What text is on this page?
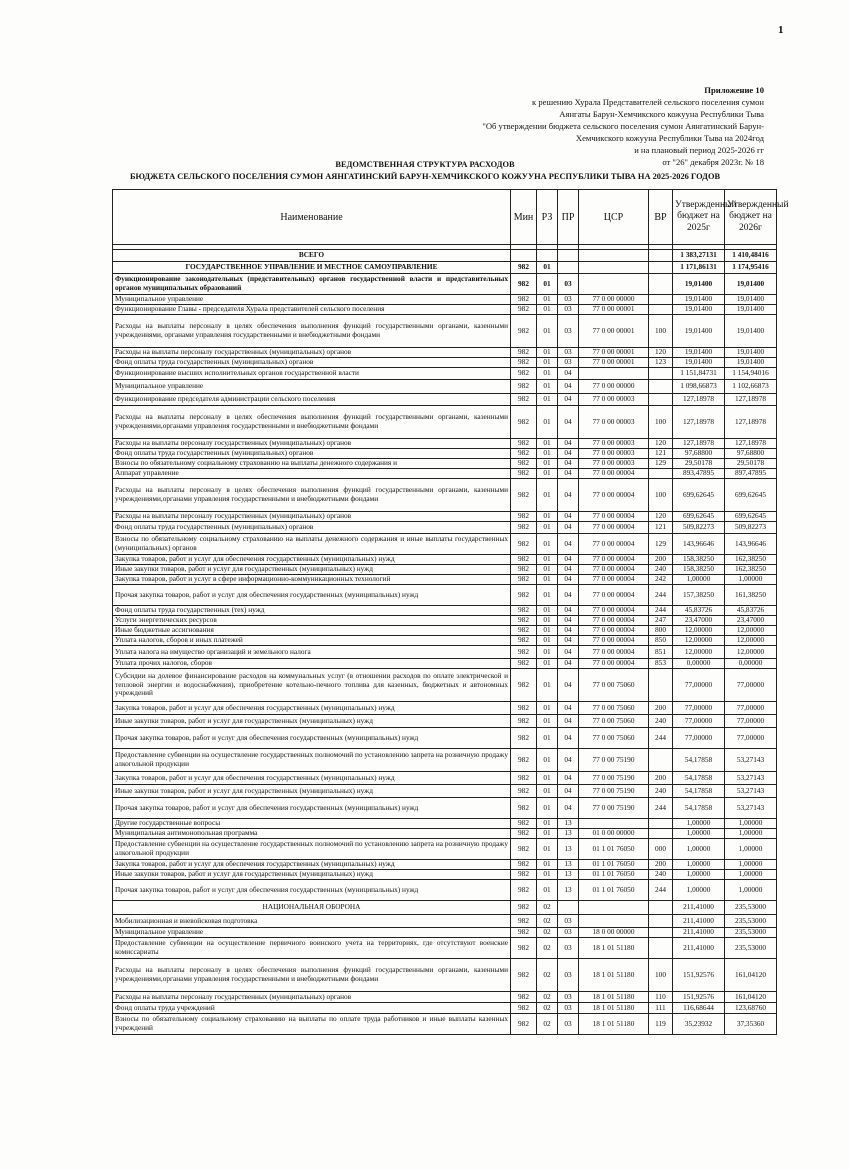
1
Приложение 10
к решению Хурала Представителей сельского поселения сумон
Аянгаты Барун-Хемчикского кожууна Республики Тыва
"Об утверждении бюджета сельского поселения сумон Аянгатинский Барун-
Хемчикского кожууна Республики Тыва на 2024год
и на плановый период 2025-2026 гг
от "26" декабря 2023г. № 18
ВЕДОМСТВЕННАЯ СТРУКТУРА РАСХОДОВ
БЮДЖЕТА СЕЛЬСКОГО ПОСЕЛЕНИЯ СУМОН АЯНГАТИНСКИЙ БАРУН-ХЕМЧИКСКОГО КОЖУУНА РЕСПУБЛИКИ ТЫВА НА 2025-2026 ГОДОВ
Наименование	Мин	РЗ	ПР	ЦСР	ВР	Утвержденный бюджет на 2025г	Утвержденный бюджет на 2026г

ВСЕГО						1 383,27131	1 410,48416
ГОСУДАРСТВЕННОЕ УПРАВЛЕНИЕ И МЕСТНОЕ САМОУПРАВЛЕНИЕ	982	01				1 171,86131	1 174,95416
Функционирование законодательных (представительных) органов государственной власти и представительных органов муниципальных образований	982	01	03			19,01400	19,01400
Муниципальное управление	982	01	03	77 0 00 00000		19,01400	19,01400
Функционирование Главы - председателя Хурала представителей сельского поселения	982	01	03	77 0 00 00001		19,01400	19,01400
Расходы на выплаты персоналу в целях обеспечения выполнения функций государственными органами, казенными учреждениями, органами управления государственными и внебюджетными фондами	982	01	03	77 0 00 00001	100	19,01400	19,01400
Расходы на выплаты персоналу государственных (муниципальных) органов	982	01	03	77 0 00 00001	120	19,01400	19,01400
Фонд оплаты труда государственных (муниципальных) органов	982	01	03	77 0 00 00001	123	19,01400	19,01400
Функционирование высших исполнительных органов государственной власти	982	01	04			1 151,84731	1 154,94016
Муниципальное управление	982	01	04	77 0 00 00000		1 098,66873	1 102,66873
Функционирование председателя администрации сельского поселения	982	01	04	77 0 00 00003		127,18978	127,18978
Расходы на выплаты персоналу в целях обеспечения выполнения функций государственными органами, казенными учреждениями,органами управления государственными и внебюджетными фондами	982	01	04	77 0 00 00003	100	127,18978	127,18978
Расходы на выплаты персоналу государственных (муниципальных) органов	982	01	04	77 0 00 00003	120	127,18978	127,18978
Фонд оплаты труда государственных (муниципальных) органов	982	01	04	77 0 00 00003	121	97,68800	97,68800
Взносы по обязательному социальному страхованию на выплаты денежного содержания и	982	01	04	77 0 00 00003	129	29,50178	29,50178
Аппарат управление	982	01	04	77 0 00 00004		893,47895	897,47895
Расходы на выплаты персоналу в целях обеспечения выполнения функций государственными органами, казенными учреждениями,органами управления государственными и внебюджетными фондами	982	01	04	77 0 00 00004	100	699,62645	699,62645
Расходы на выплаты персоналу государственных (муниципальных) органов	982	01	04	77 0 00 00004	120	699,62645	699,62645
Фонд оплаты труда государственных (муниципальных) органов	982	01	04	77 0 00 00004	121	509,82273	509,82273
Взносы по обязательному социальному страхованию на выплаты денежного содержания и иные выплаты государственных (муниципальных) органов	982	01	04	77 0 00 00004	129	143,96646	143,96646
Закупка товаров, работ и услуг для обеспечения государственных (муниципальных) нужд	982	01	04	77 0 00 00004	200	158,38250	162,38250
Иные закупки товаров, работ и услуг для государственных (муниципальных) нужд	982	01	04	77 0 00 00004	240	158,38250	162,38250
Закупка товаров, работ и услуг в сфере информационно-коммуникационных технологий	982	01	04	77 0 00 00004	242	1,00000	1,00000
Прочая закупка товаров, работ и услуг для обеспечения государственных (муниципальных) нужд	982	01	04	77 0 00 00004	244	157,38250	161,38250
Фонд оплаты труда государственных (тех) нужд	982	01	04	77 0 00 00004	244	45,83726	45,83726
Услуги энергетических ресурсов	982	01	04	77 0 00 00004	247	23,47000	23,47000
Иные бюджетные ассигнования	982	01	04	77 0 00 00004	800	12,00000	12,00000
Уплата налогов, сборов и иных платежей	982	01	04	77 0 00 00004	850	12,00000	12,00000
Уплата налога на имущество организаций и земельного налога	982	01	04	77 0 00 00004	851	12,00000	12,00000
Уплата прочих налогов, сборов	982	01	04	77 0 00 00004	853	0,00000	0,00000
Субсидии на долевое финансирование расходов на коммунальных услуг (в отношении расходов по оплате электрической и тепловой энергии и водоснабжения), приобретение котельно-печного топлива для казенных, бюджетных и автономных учреждений	982	01	04	77 0 00 75060		77,00000	77,00000
Закупка товаров, работ и услуг для обеспечения государственных (муниципальных) нужд	982	01	04	77 0 00 75060	200	77,00000	77,00000
Иные закупки товаров, работ и услуг для государственных (муниципальных) нужд	982	01	04	77 0 00 75060	240	77,00000	77,00000
Прочая закупка товаров, работ и услуг для обеспечения государственных (муниципальных) нужд	982	01	04	77 0 00 75060	244	77,00000	77,00000
Предоставление субвенции на осуществление государственных полномочий по установлению запрета на розничную продажу алкогольной продукции	982	01	04	77 0 00 75190		54,17858	53,27143
Закупка товаров, работ и услуг для обеспечения государственных (муниципальных) нужд	982	01	04	77 0 00 75190	200	54,17858	53,27143
Иные закупки товаров, работ и услуг для государственных (муниципальных) нужд	982	01	04	77 0 00 75190	240	54,17858	53,27143
Прочая закупка товаров, работ и услуг для обеспечения государственных (муниципальных) нужд	982	01	04	77 0 00 75190	244	54,17858	53,27143
Другие государственные вопросы	982	01	13			1,00000	1,00000
Муниципальная антимонопольная программа	982	01	13	01 0 00 00000		1,00000	1,00000
Предоставление субвенции на осуществление государственных полномочий по установлению запрета на розничную продажу алкогольной продукции	982	01	13	01 1 01 76050	000	1,00000	1,00000
Закупка товаров, работ и услуг для обеспечения государственных (муниципальных) нужд	982	01	13	01 1 01 76050	200	1,00000	1,00000
Иные закупки товаров, работ и услуг для государственных (муниципальных) нужд	982	01	13	01 1 01 76050	240	1,00000	1,00000
Прочая закупка товаров, работ и услуг для обеспечения государственных (муниципальных) нужд	982	01	13	01 1 01 76050	244	1,00000	1,00000
НАЦИОНАЛЬНАЯ ОБОРОНА	982	02				211,41000	235,53000
Мобилизационная и вневойсковая подготовка	982	02	03			211,41000	235,53000
Муниципальное управление	982	02	03	18 0 00 00000		211,41000	235,53000
Предоставление субвенции на осуществление первичного воинского учета на территориях, где отсутствуют военские комиссариаты	982	02	03	18 1 01 51180		211,41000	235,53000
Расходы на выплаты персоналу в целях обеспечения выполнения функций государственными органами, казенными учреждениями,органами управления государственными и внебюджетными фондами	982	02	03	18 1 01 51180	100	151,92576	161,04120
Расходы на выплаты персоналу государственных (муниципальных) органов	982	02	03	18 1 01 51180	110	151,92576	161,04120
Фонд оплаты труда учреждений	982	02	03	18 1 01 51180	111	116,68644	123,68760
Взносы по обязательному социальному страхованию на выплаты по оплате труда работников и иные выплаты казенных учреждений	982	02	03	18 1 01 51180	119	35,23932	37,35360
